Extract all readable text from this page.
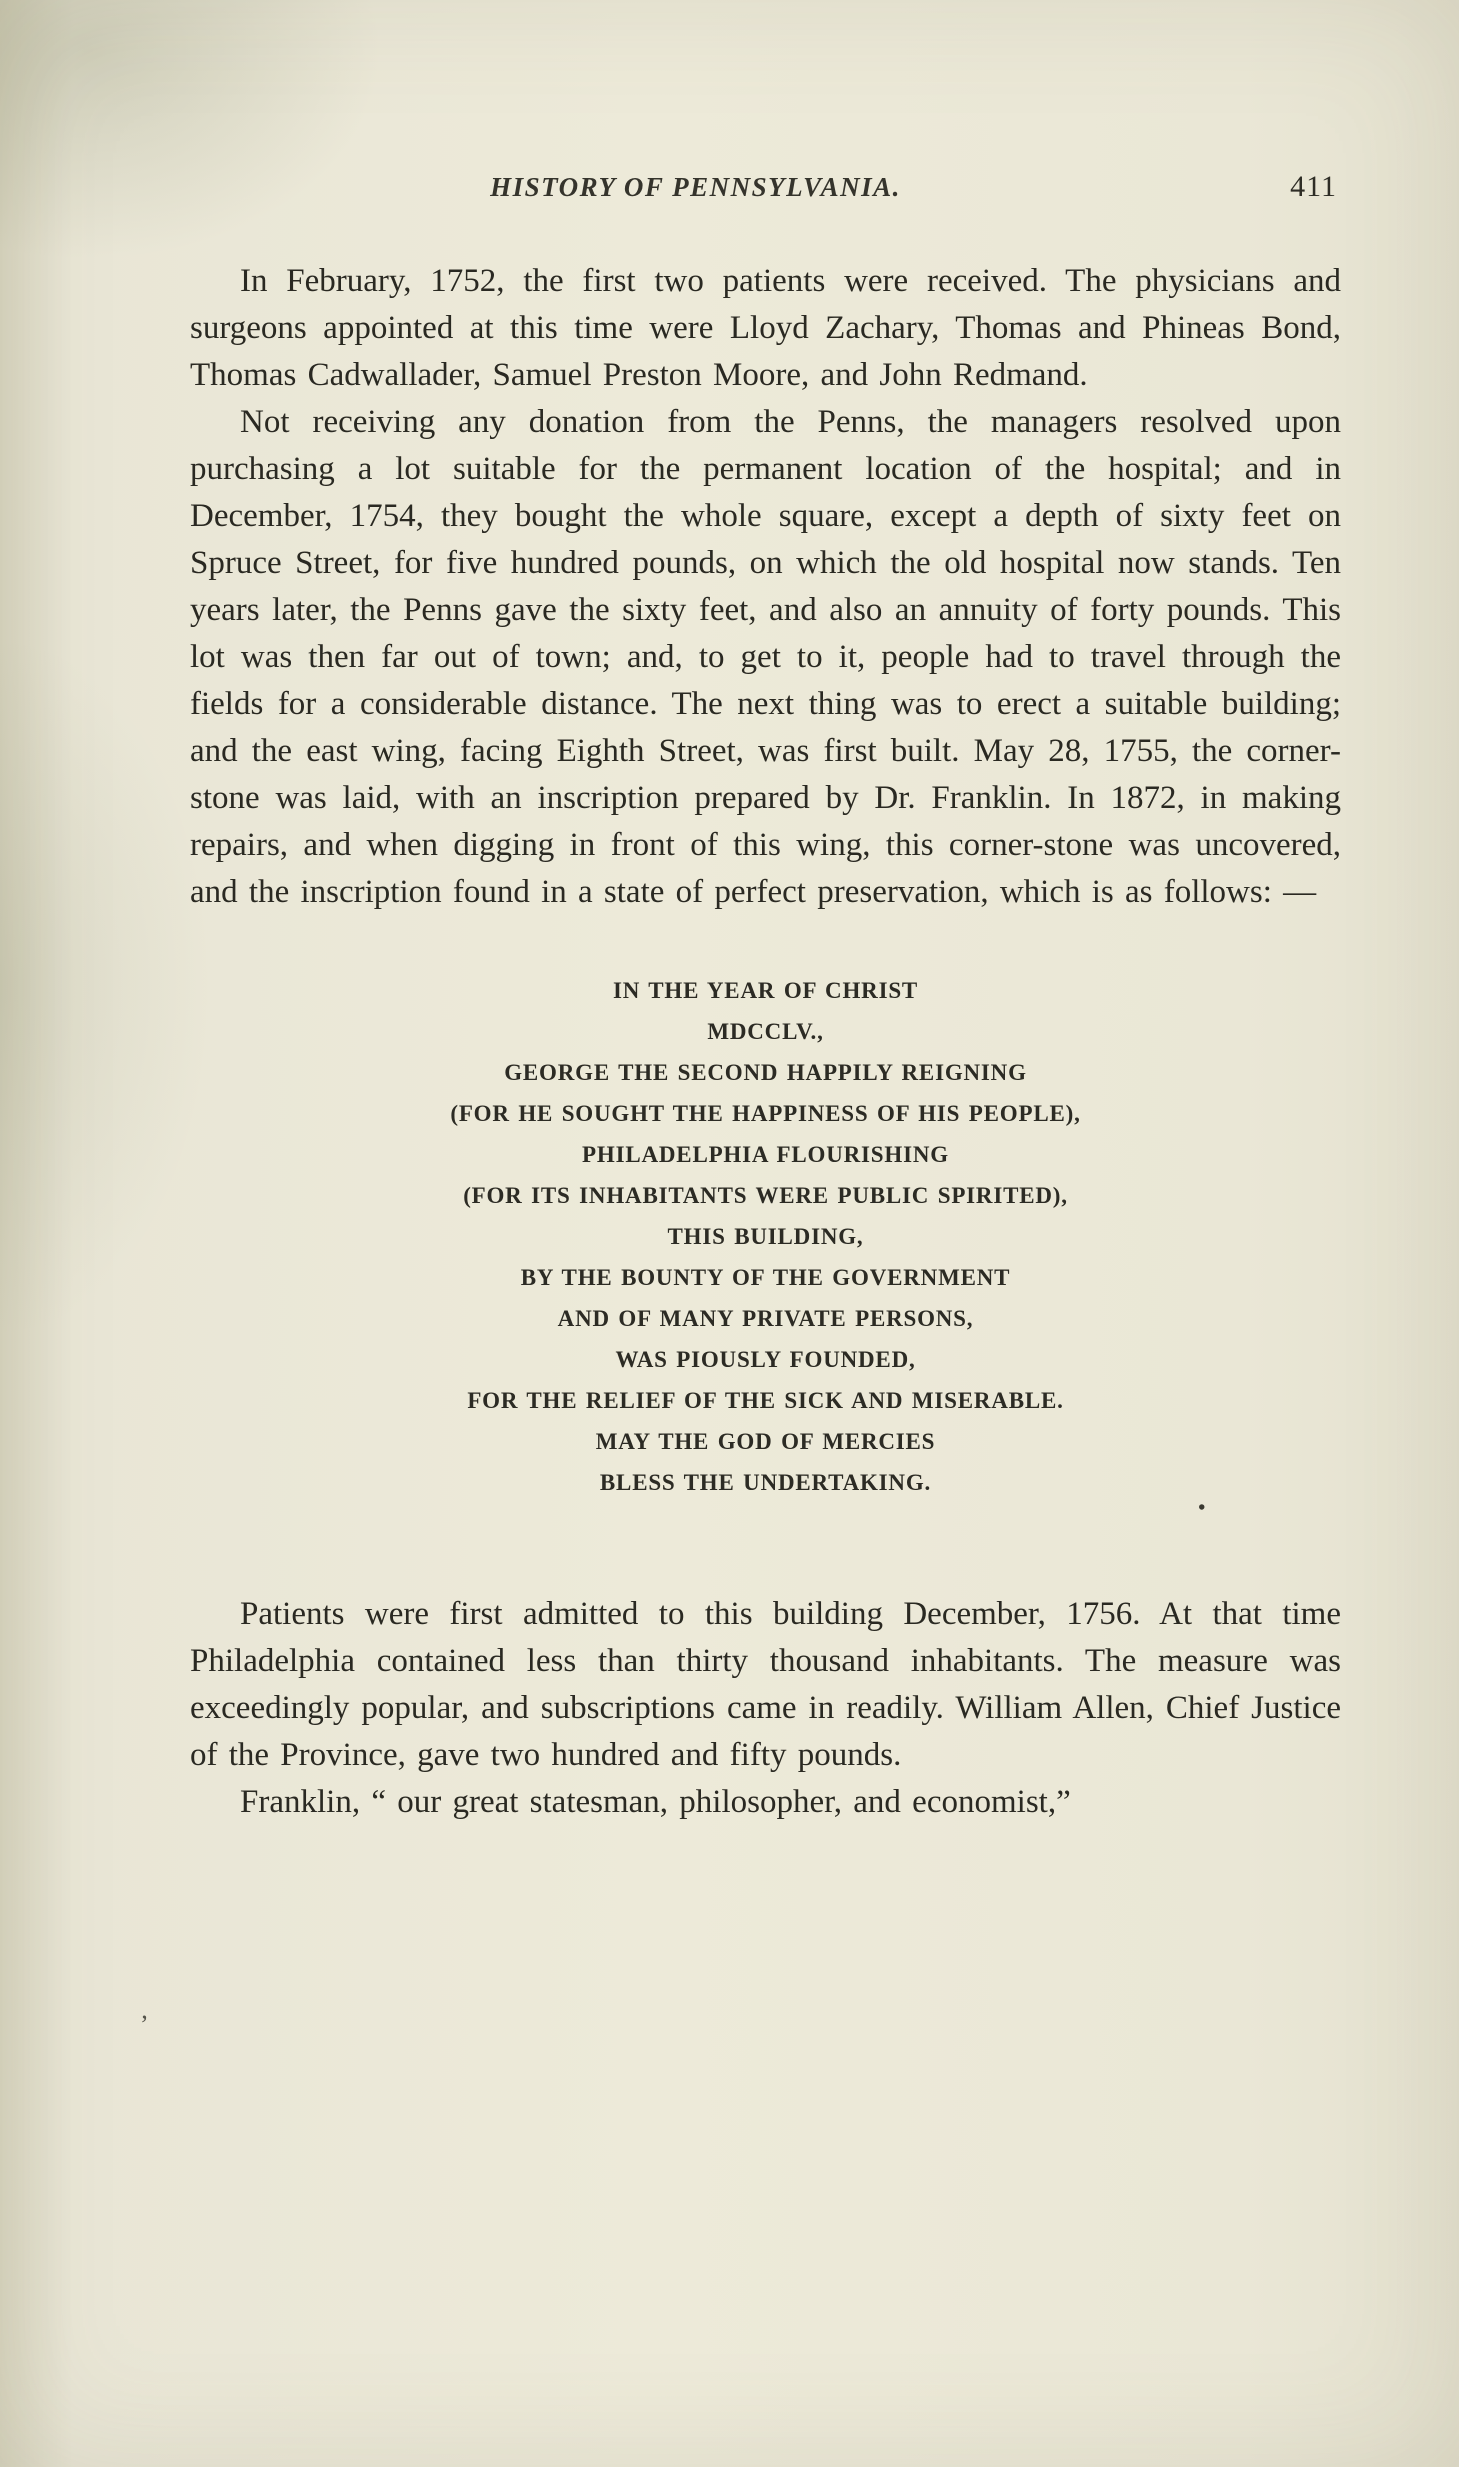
HISTORY OF PENNSYLVANIA.	411

In February, 1752, the first two patients were received. The physicians and surgeons appointed at this time were Lloyd Zachary, Thomas and Phineas Bond, Thomas Cadwallader, Samuel Preston Moore, and John Redmand.

Not receiving any donation from the Penns, the managers resolved upon purchasing a lot suitable for the permanent location of the hospital; and in December, 1754, they bought the whole square, except a depth of sixty feet on Spruce Street, for five hundred pounds, on which the old hospital now stands. Ten years later, the Penns gave the sixty feet, and also an annuity of forty pounds. This lot was then far out of town; and, to get to it, people had to travel through the fields for a considerable distance. The next thing was to erect a suitable building; and the east wing, facing Eighth Street, was first built. May 28, 1755, the corner-stone was laid, with an inscription prepared by Dr. Franklin. In 1872, in making repairs, and when digging in front of this wing, this corner-stone was uncovered, and the inscription found in a state of perfect preservation, which is as follows: —

•
IN THE YEAR OF CHRIST
MDCCLV.,
GEORGE THE SECOND HAPPILY REIGNING
(FOR HE SOUGHT THE HAPPINESS OF HIS PEOPLE),
PHILADELPHIA FLOURISHING
(FOR ITS INHABITANTS WERE PUBLIC SPIRITED),
THIS BUILDING,
BY THE BOUNTY OF THE GOVERNMENT
AND OF MANY PRIVATE PERSONS,
WAS PIOUSLY FOUNDED,
FOR THE RELIEF OF THE SICK AND MISERABLE.
MAY THE GOD OF MERCIES
BLESS THE UNDERTAKING.

Patients were first admitted to this building December, 1756. At that time Philadelphia contained less than thirty thousand inhabitants. The measure was exceedingly popular, and subscriptions came in readily. William Allen, Chief Justice of the Province, gave two hundred and fifty pounds.

Franklin, “ our great statesman, philosopher, and economist,”

’
